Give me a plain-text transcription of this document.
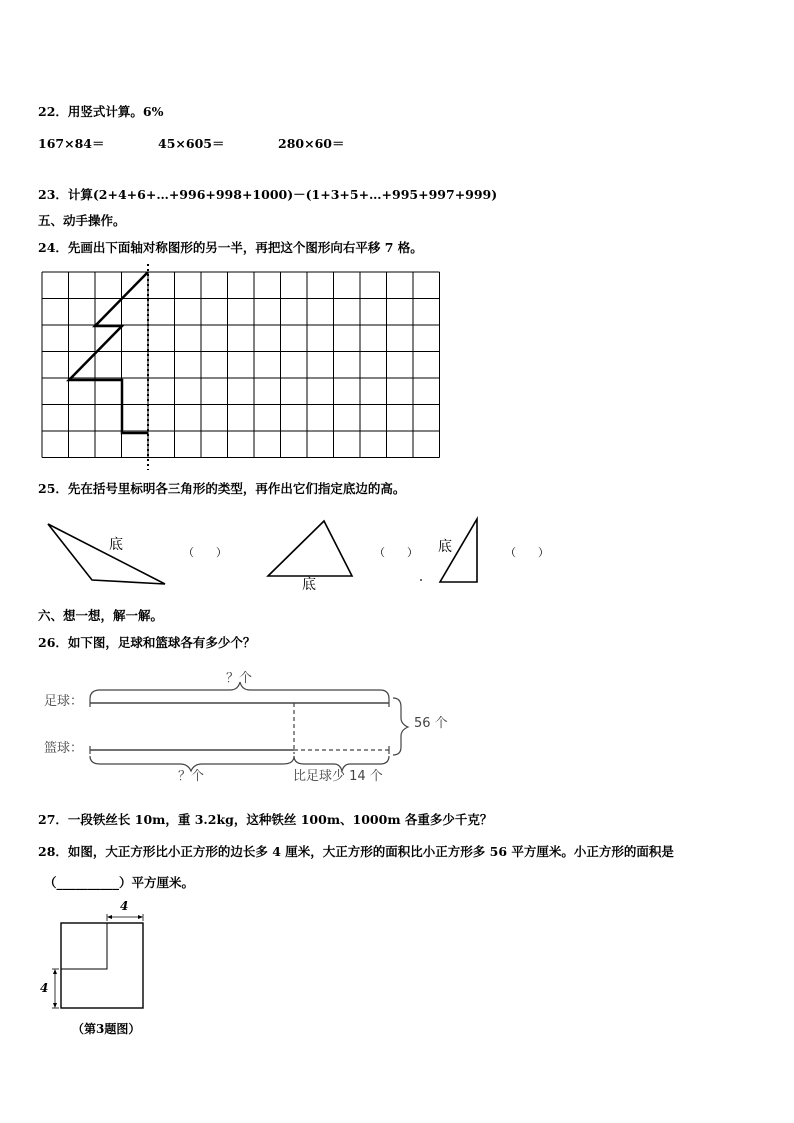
22．用竖式计算。6%
167×84＝	45×605＝	280×60＝
23．计算(2+4+6+…+996+998+1000)－(1+3+5+…+995+997+999)
五、动手操作。
24．先画出下面轴对称图形的另一半，再把这个图形向右平移 7 格。
25．先在括号里标明各三角形的类型，再作出它们指定底边的高。
底
底
底
（　　）	（　　）	（　　）
六、想一想，解一解。
26．如下图，足球和篮球各有多少个？
足球：
篮球：
？个
？个
56 个
比足球少 14 个
27．一段铁丝长 10m，重 3.2kg，这种铁丝 100m、1000m 各重多少千克？
28．如图，大正方形比小正方形的边长多 4 厘米，大正方形的面积比小正方形多 56 平方厘米。小正方形的面积是
（__________）平方厘米。
4
4
（第3题图）
